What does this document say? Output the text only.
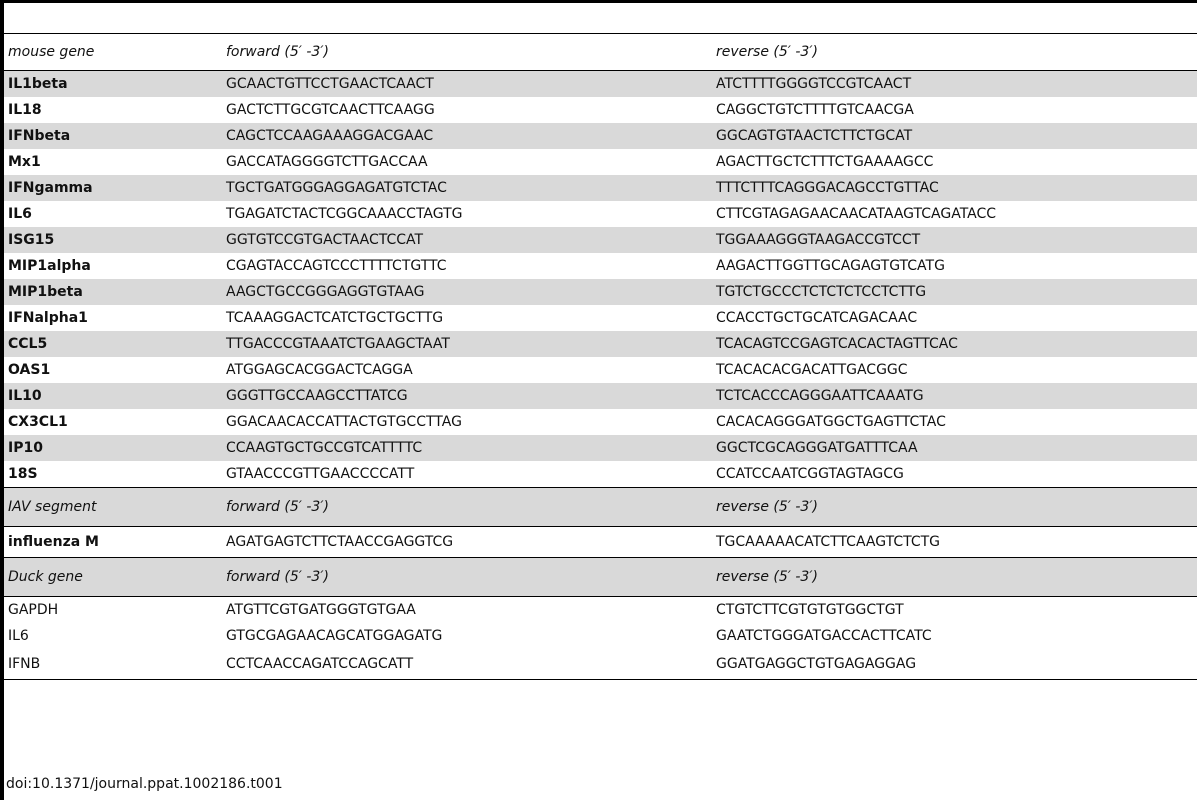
mouse gene	forward (5′ -3′)	reverse (5′ -3′)
IL1beta	GCAACTGTTCCTGAACTCAACT	ATCTTTTGGGGTCCGTCAACT
IL18	GACTCTTGCGTCAACTTCAAGG	CAGGCTGTCTTTTGTCAACGA
IFNbeta	CAGCTCCAAGAAAGGACGAAC	GGCAGTGTAACTCTTCTGCAT
Mx1	GACCATAGGGGTCTTGACCAA	AGACTTGCTCTTTCTGAAAAGCC
IFNgamma	TGCTGATGGGAGGAGATGTCTAC	TTTCTTTCAGGGACAGCCTGTTAC
IL6	TGAGATCTACTCGGCAAACCTAGTG	CTTCGTAGAGAACAACATAAGTCAGATACC
ISG15	GGTGTCCGTGACTAACTCCAT	TGGAAAGGGTAAGACCGTCCT
MIP1alpha	CGAGTACCAGTCCCTTTTCTGTTC	AAGACTTGGTTGCAGAGTGTCATG
MIP1beta	AAGCTGCCGGGAGGTGTAAG	TGTCTGCCCTCTCTCTCCTCTTG
IFNalpha1	TCAAAGGACTCATCTGCTGCTTG	CCACCTGCTGCATCAGACAAC
CCL5	TTGACCCGTAAATCTGAAGCTAAT	TCACAGTCCGAGTCACACTAGTTCAC
OAS1	ATGGAGCACGGACTCAGGA	TCACACACGACATTGACGGC
IL10	GGGTTGCCAAGCCTTATCG	TCTCACCCAGGGAATTCAAATG
CX3CL1	GGACAACACCATTACTGTGCCTTAG	CACACAGGGATGGCTGAGTTCTAC
IP10	CCAAGTGCTGCCGTCATTTTC	GGCTCGCAGGGATGATTTCAA
18S	GTAACCCGTTGAACCCCATT	CCATCCAATCGGTAGTAGCG
IAV segment	forward (5′ -3′)	reverse (5′ -3′)
influenza M	AGATGAGTCTTCTAACCGAGGTCG	TGCAAAAACATCTTCAAGTCTCTG
Duck gene	forward (5′ -3′)	reverse (5′ -3′)
GAPDH	ATGTTCGTGATGGGTGTGAA	CTGTCTTCGTGTGTGGCTGT
IL6	GTGCGAGAACAGCATGGAGATG	GAATCTGGGATGACCACTTCATC
IFNB	CCTCAACCAGATCCAGCATT	GGATGAGGCTGTGAGAGGAG
doi:10.1371/journal.ppat.1002186.t001
